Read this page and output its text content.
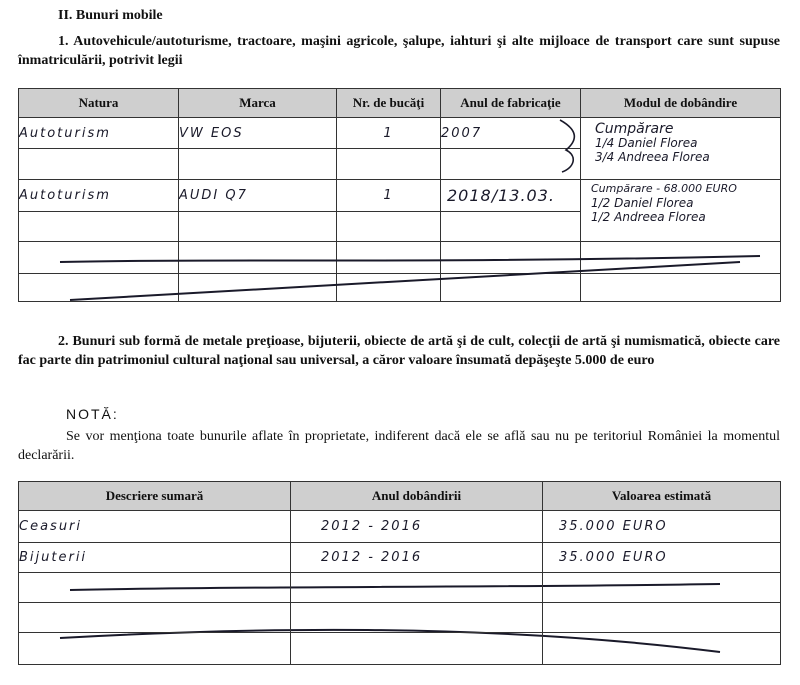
II. Bunuri mobile
1. Autovehicule/autoturisme, tractoare, maşini agricole, şalupe, iahturi şi alte mijloace de transport care sunt supuse înmatriculării, potrivit legii
Natura	Marca	Nr. de bucăţi	Anul de fabricaţie	Modul de dobândire
Autoturism	VW EOS	1	2007	Cumpărare
1/4 Daniel Florea
3/4 Andreea Florea

Autoturism	AUDI Q7	1	2018/13.03.	Cumpărare - 68.000 EURO
1/2 Daniel Florea
1/2 Andreea Florea

2. Bunuri sub formă de metale preţioase, bijuterii, obiecte de artă şi de cult, colecţii de artă şi numismatică, obiecte care fac parte din patrimoniul cultural naţional sau universal, a căror valoare însumată depăşeşte 5.000 de euro
NOTĂ:
Se vor menţiona toate bunurile aflate în proprietate, indiferent dacă ele se află sau nu pe teritoriul României la momentul declarării.
Descriere sumară	Anul dobândirii	Valoarea estimată
Ceasuri	2012 - 2016	35.000 EURO
Bijuterii	2012 - 2016	35.000 EURO
